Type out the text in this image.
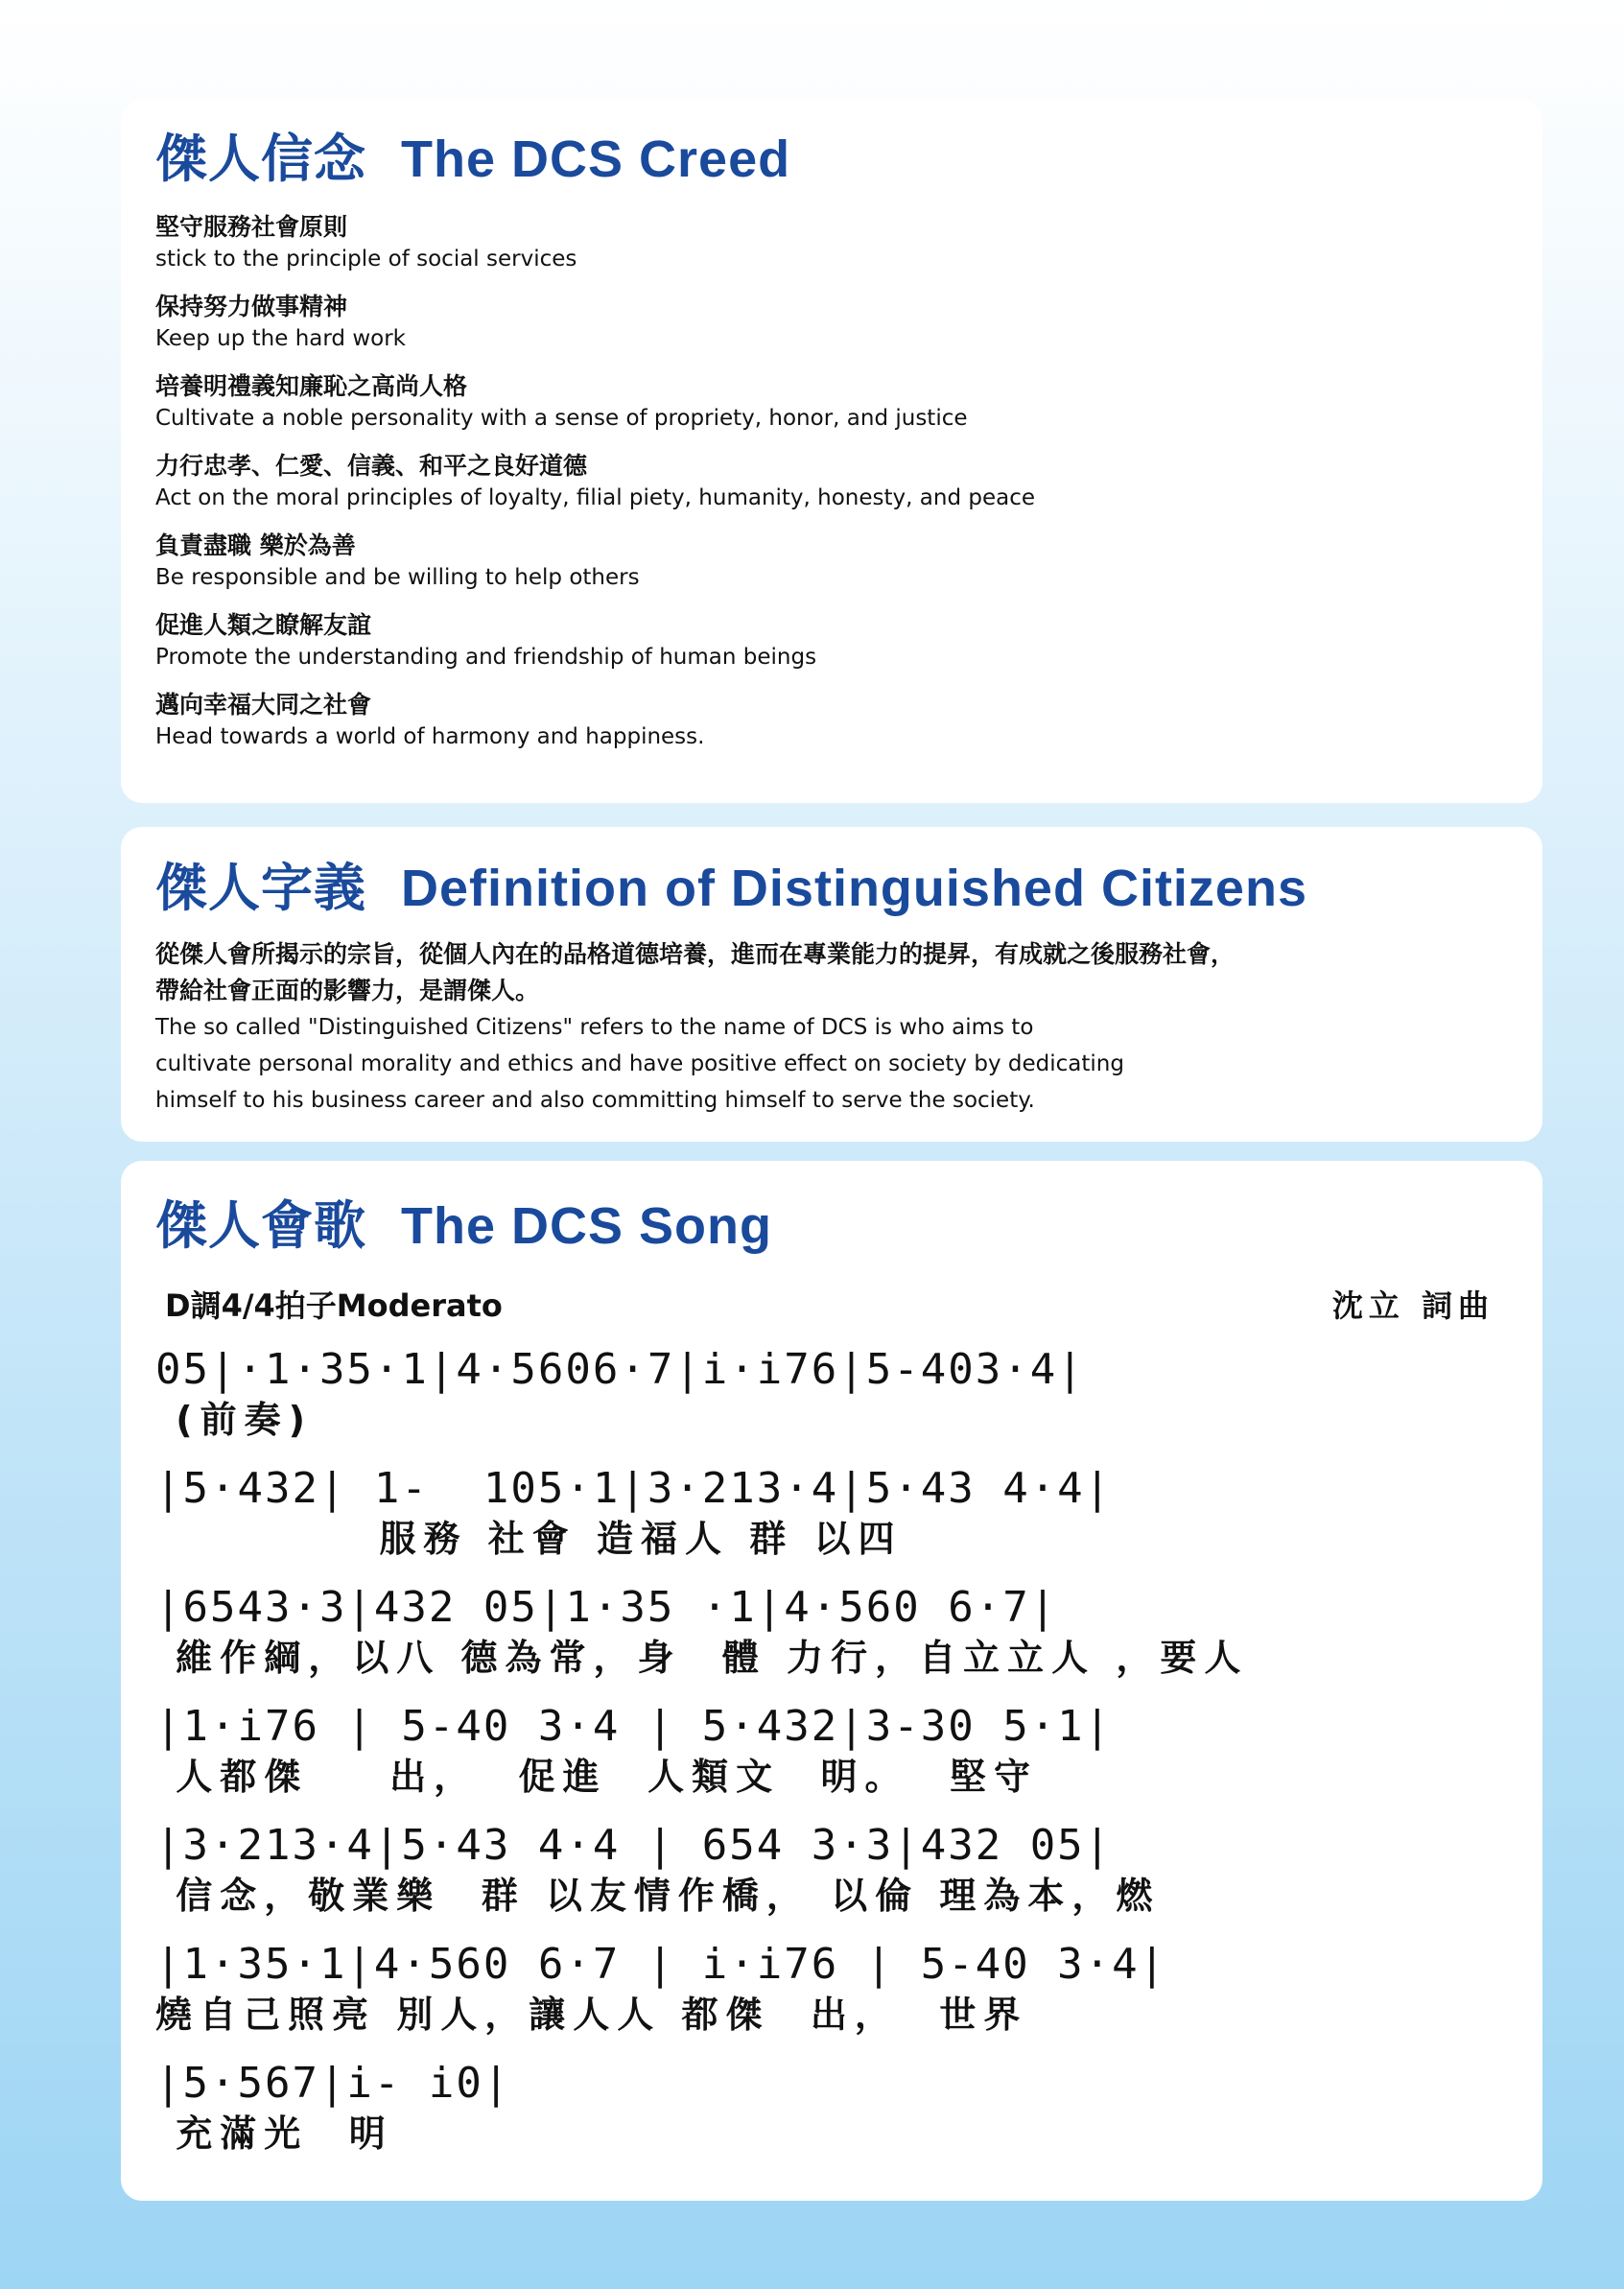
傑人信念 The DCS Creed
堅守服務社會原則
stick to the principle of social services
保持努力做事精神
Keep up the hard work
培養明禮義知廉恥之高尚人格
Cultivate a noble personality with a sense of propriety, honor, and justice
力行忠孝、仁愛、信義、和平之良好道德
Act on the moral principles of loyalty, filial piety, humanity, honesty, and peace
負責盡職 樂於為善
Be responsible and be willing to help others
促進人類之瞭解友誼
Promote the understanding and friendship of human beings
邁向幸福大同之社會
Head towards a world of harmony and happiness.
傑人字義 Definition of Distinguished Citizens
從傑人會所揭示的宗旨，從個人內在的品格道德培養，進而在專業能力的提昇，有成就之後服務社會，
帶給社會正面的影響力，是謂傑人。
The so called "Distinguished Citizens" refers to the name of DCS is who aims to
cultivate personal morality and ethics and have positive effect on society by dedicating
himself to his business career and also committing himself to serve the society.
傑人會歌 The DCS Song
D調4/4拍子Moderato	沈立 詞曲
05|·1·35·1|4·5606·7|i·i76|5-403·4|
(前奏)
|5·432| 1-  105·1|3·213·4|5·43 4·4|
服務 社會 造福人 群 以四
|6543·3|432 05|1·35 ·1|4·560 6·7|
維作綱，以八 德為常，身  體 力行，自立立人 ，要人
|1·i76 | 5-40 3·4 | 5·432|3-30 5·1|
人都傑    出，  促進  人類文  明。  堅守
|3·213·4|5·43 4·4 | 654 3·3|432 05|
信念，敬業樂  群 以友情作橋， 以倫 理為本，燃
|1·35·1|4·560 6·7 | i·i76 | 5-40 3·4|
燒自己照亮 別人，讓人人 都傑  出，  世界
|5·567|i- i0|
充滿光  明
